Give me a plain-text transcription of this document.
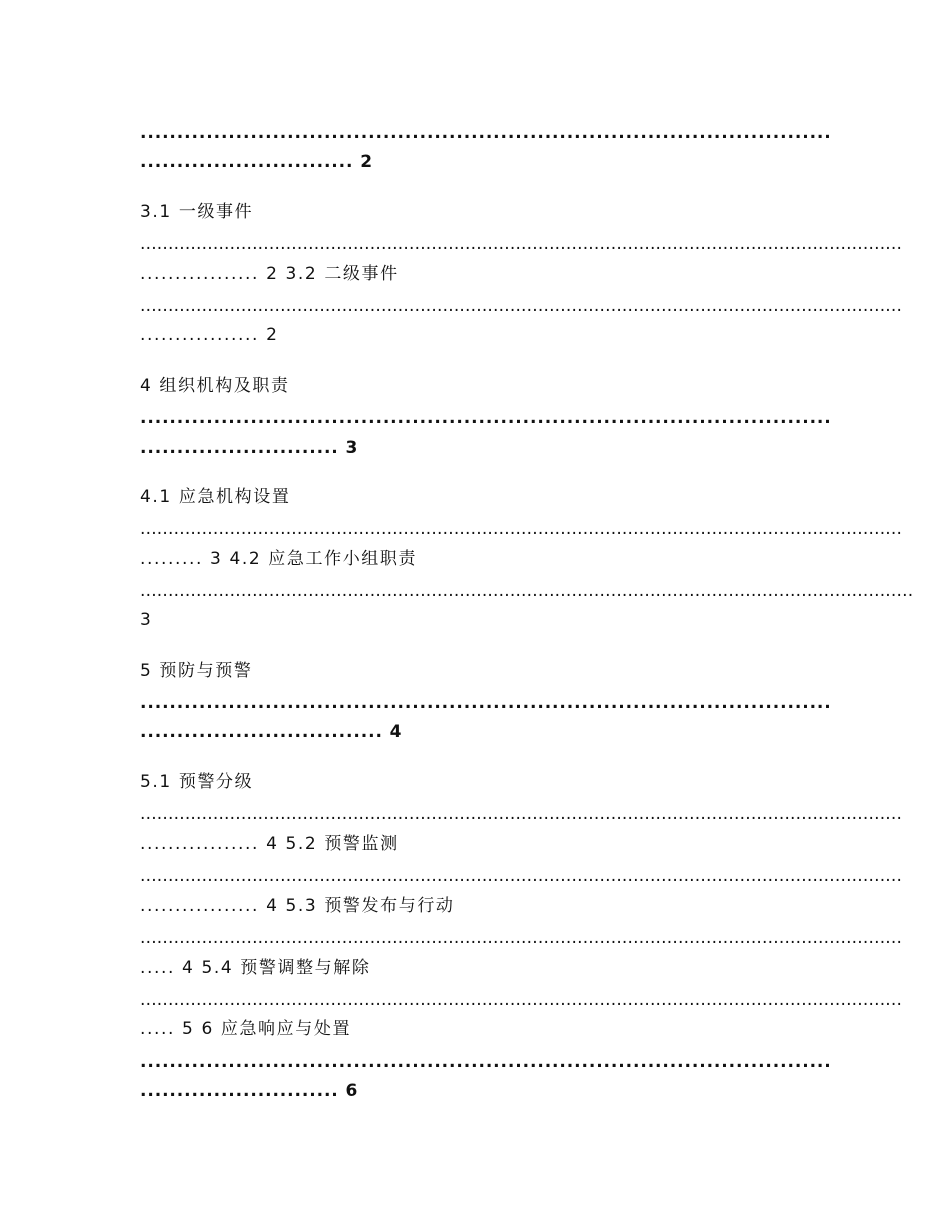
..............................................................................................

............................. 2

3.1 一级事件

........................................................................................................................................

................. 2 3.2 二级事件

........................................................................................................................................

................. 2

4 组织机构及职责

..............................................................................................

........................... 3

4.1 应急机构设置

........................................................................................................................................

......... 3 4.2 应急工作小组职责

..........................................................................................................................................

3

5 预防与预警

..............................................................................................

................................. 4

5.1 预警分级

........................................................................................................................................

................. 4 5.2 预警监测

........................................................................................................................................

................. 4 5.3 预警发布与行动

........................................................................................................................................

..... 4 5.4 预警调整与解除

........................................................................................................................................

..... 5 6 应急响应与处置

..............................................................................................

........................... 6
